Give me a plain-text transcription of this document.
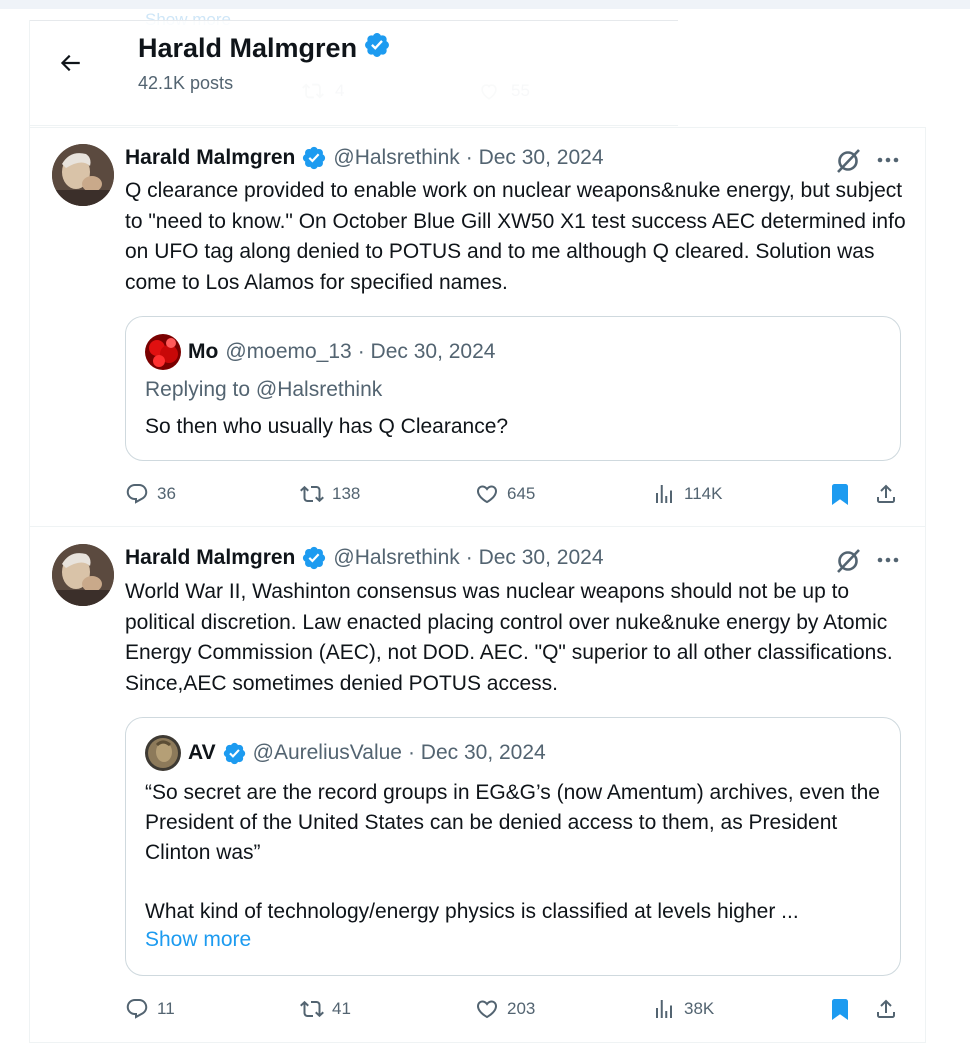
Harald Malmgren
42.1K posts
Harald Malmgren @Halsrethink · Dec 30, 2024
Q clearance provided to enable work on nuclear weapons&nuke energy, but subject to "need to know." On October Blue Gill XW50 X1 test success AEC determined info on UFO tag along denied to POTUS and to me although Q cleared. Solution was come to Los Alamos for specified names.
Mo @moemo_13 · Dec 30, 2024
Replying to @Halsrethink
So then who usually has Q Clearance?
36	138	645	114K
Harald Malmgren @Halsrethink · Dec 30, 2024
World War II, Washinton consensus was nuclear weapons should not be up to political discretion. Law enacted placing control over nuke&nuke energy by Atomic Energy Commission (AEC), not DOD. AEC. "Q" superior to all other classifications. Since,AEC sometimes denied POTUS access.
AV @AureliusValue · Dec 30, 2024
“So secret are the record groups in EG&G’s (now Amentum) archives, even the President of the United States can be denied access to them, as President Clinton was”
What kind of technology/energy physics is classified at levels higher ...
Show more
11	41	203	38K
